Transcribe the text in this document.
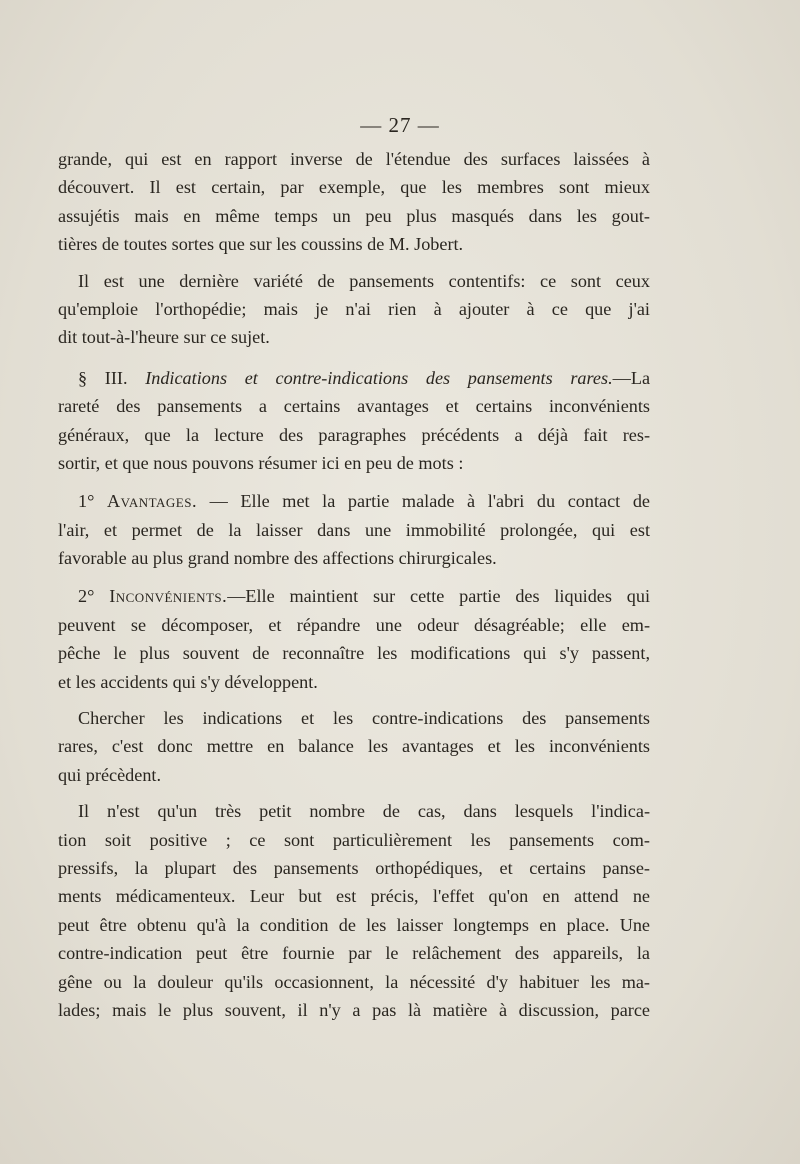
— 27 —
grande, qui est en rapport inverse de l'étendue des surfaces laissées à
découvert. Il est certain, par exemple, que les membres sont mieux
assujétis mais en même temps un peu plus masqués dans les gout-
tières de toutes sortes que sur les coussins de M. Jobert.
Il est une dernière variété de pansements contentifs: ce sont ceux
qu'emploie l'orthopédie; mais je n'ai rien à ajouter à ce que j'ai
dit tout-à-l'heure sur ce sujet.
§ III. Indications et contre-indications des pansements rares.—La
rareté des pansements a certains avantages et certains inconvénients
généraux, que la lecture des paragraphes précédents a déjà fait res-
sortir, et que nous pouvons résumer ici en peu de mots :
1° Avantages. — Elle met la partie malade à l'abri du contact de
l'air, et permet de la laisser dans une immobilité prolongée, qui est
favorable au plus grand nombre des affections chirurgicales.
2° Inconvénients.—Elle maintient sur cette partie des liquides qui
peuvent se décomposer, et répandre une odeur désagréable; elle em-
pêche le plus souvent de reconnaître les modifications qui s'y passent,
et les accidents qui s'y développent.
Chercher les indications et les contre-indications des pansements
rares, c'est donc mettre en balance les avantages et les inconvénients
qui précèdent.
Il n'est qu'un très petit nombre de cas, dans lesquels l'indica-
tion soit positive ; ce sont particulièrement les pansements com-
pressifs, la plupart des pansements orthopédiques, et certains panse-
ments médicamenteux. Leur but est précis, l'effet qu'on en attend ne
peut être obtenu qu'à la condition de les laisser longtemps en place. Une
contre-indication peut être fournie par le relâchement des appareils, la
gêne ou la douleur qu'ils occasionnent, la nécessité d'y habituer les ma-
lades; mais le plus souvent, il n'y a pas là matière à discussion, parce
